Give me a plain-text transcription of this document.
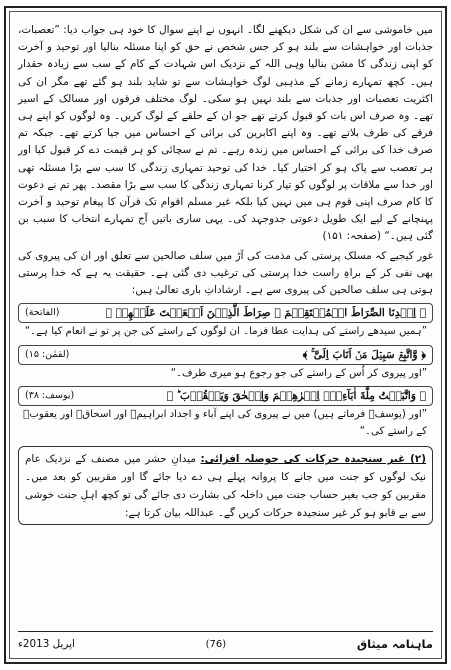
میں خاموشی سے ان کی شکل دیکھنے لگا۔ انہوں نے اپنے سوال کا خود ہی جواب دیا: ”تعصبات، جذبات اور خواہشات سے بلند ہو کر جس شخص نے حق کو اپنا مسئلہ بنالیا اور توحید و آخرت کو اپنی زندگی کا مشن بنالیا وہی اللہ کے نزدیک اس شہادت کے کام کے سب سے زیادہ حقدار ہیں۔ کچھ تمہارے زمانے کے مذہبی لوگ خواہشات سے تو شاید بلند ہو گئے تھے مگر ان کی اکثریت تعصبات اور جذبات سے بلند نہیں ہو سکی۔ لوگ مختلف فرقوں اور مسالک کے اسیر تھے۔ وہ صرف اس بات کو قبول کرتے تھے جو ان کے حلقے کے لوگ کریں۔ وہ لوگوں کو اپنے ہی فرقے کی طرف بلاتے تھے۔ وہ اپنے اکابرین کی برائی کے احساس میں جیا کرتے تھے۔ جبکہ تم صرف خدا کی برائی کے احساس میں زندہ رہے۔ تم نے سچائی کو ہر قیمت دے کر قبول کیا اور ہر تعصب سے پاک ہو کر اختیار کیا۔ خدا کی توحید تمہاری زندگی کا سب سے بڑا مسئلہ تھی اور خدا سے ملاقات پر لوگوں کو تیار کرنا تمہاری زندگی کا سب سے بڑا مقصد۔ پھر تم نے دعوت کا کام صرف اپنی قوم ہی میں نہیں کیا بلکہ غیر مسلم اقوام تک قرآن کا پیغام توحید و آخرت پہنچانے کے لیے ایک طویل دعوتی جدوجہد کی۔ یہی ساری باتیں آج تمہارے انتخاب کا سبب بن گئی ہیں۔“ (صفحہ: ۱۵۱)

غور کیجیے کہ مسلک پرستی کی مذمت کی آڑ میں سلف صالحین سے تعلق اور ان کی پیروی کی بھی نفی کر کے براہِ راست خدا پرستی کی ترغیب دی گئی ہے۔ حقیقت یہ ہے کہ خدا پرستی ہوتی ہی سلف صالحین کی پیروی سے ہے۔ ارشاداتِ باری تعالیٰ ہیں:

﴿ اِهۡدِنَا الصِّرَاطَ الۡمُسۡتَقِيۡمَ ۙ صِرَاطَ الَّذِيۡنَ اَنۡعَمۡتَ عَلَيۡهِمۡ ﴾
(الفاتحة)

”ہمیں سیدھے راستے کی ہدایت عطا فرما۔ ان لوگوں کے راستے کی جن پر تو نے انعام کیا ہے۔“

﴿ وَّاتَّبِعۡ سَبِيۡلَ مَنۡ اَنَابَ اِلَیَّ ۚ ﴾
(لقمٰن: ۱۵)

”اور پیروی کر اُس کے راستے کی جو رجوع ہو میری طرف۔“

﴿ وَاتَّبَعۡتُ مِلَّةَ اٰبَآءِیۡۤ اِبۡرٰهِيۡمَ وَاِسۡحٰقَ وَيَعۡقُوۡبَ ؕ ﴾
(یوسف: ۳۸)

”اور (یوسفؑ فرماتے ہیں) میں نے پیروی کی اپنے آباء و اجداد ابراہیمؑ اور اسحاقؑ اور یعقوبؑ کے راستے کی۔“

(۲) غیر سنجیدہ حرکات کی حوصلہ افزائی: میدانِ حشر میں مصنف کے نزدیک عام نیک لوگوں کو جنت میں جانے کا پروانہ پہلے ہی دے دیا جائے گا اور مقربین کو بعد میں۔ مقربین کو جب بغیر حساب جنت میں داخلہ کی بشارت دی جائے گی تو کچھ اہلِ جنت خوشی سے بے قابو ہو کر غیر سنجیدہ حرکات کریں گے۔ عبداللہ بیان کرتا ہے:

ماہنامہ میثاق
(76)
اپریل 2013ء
